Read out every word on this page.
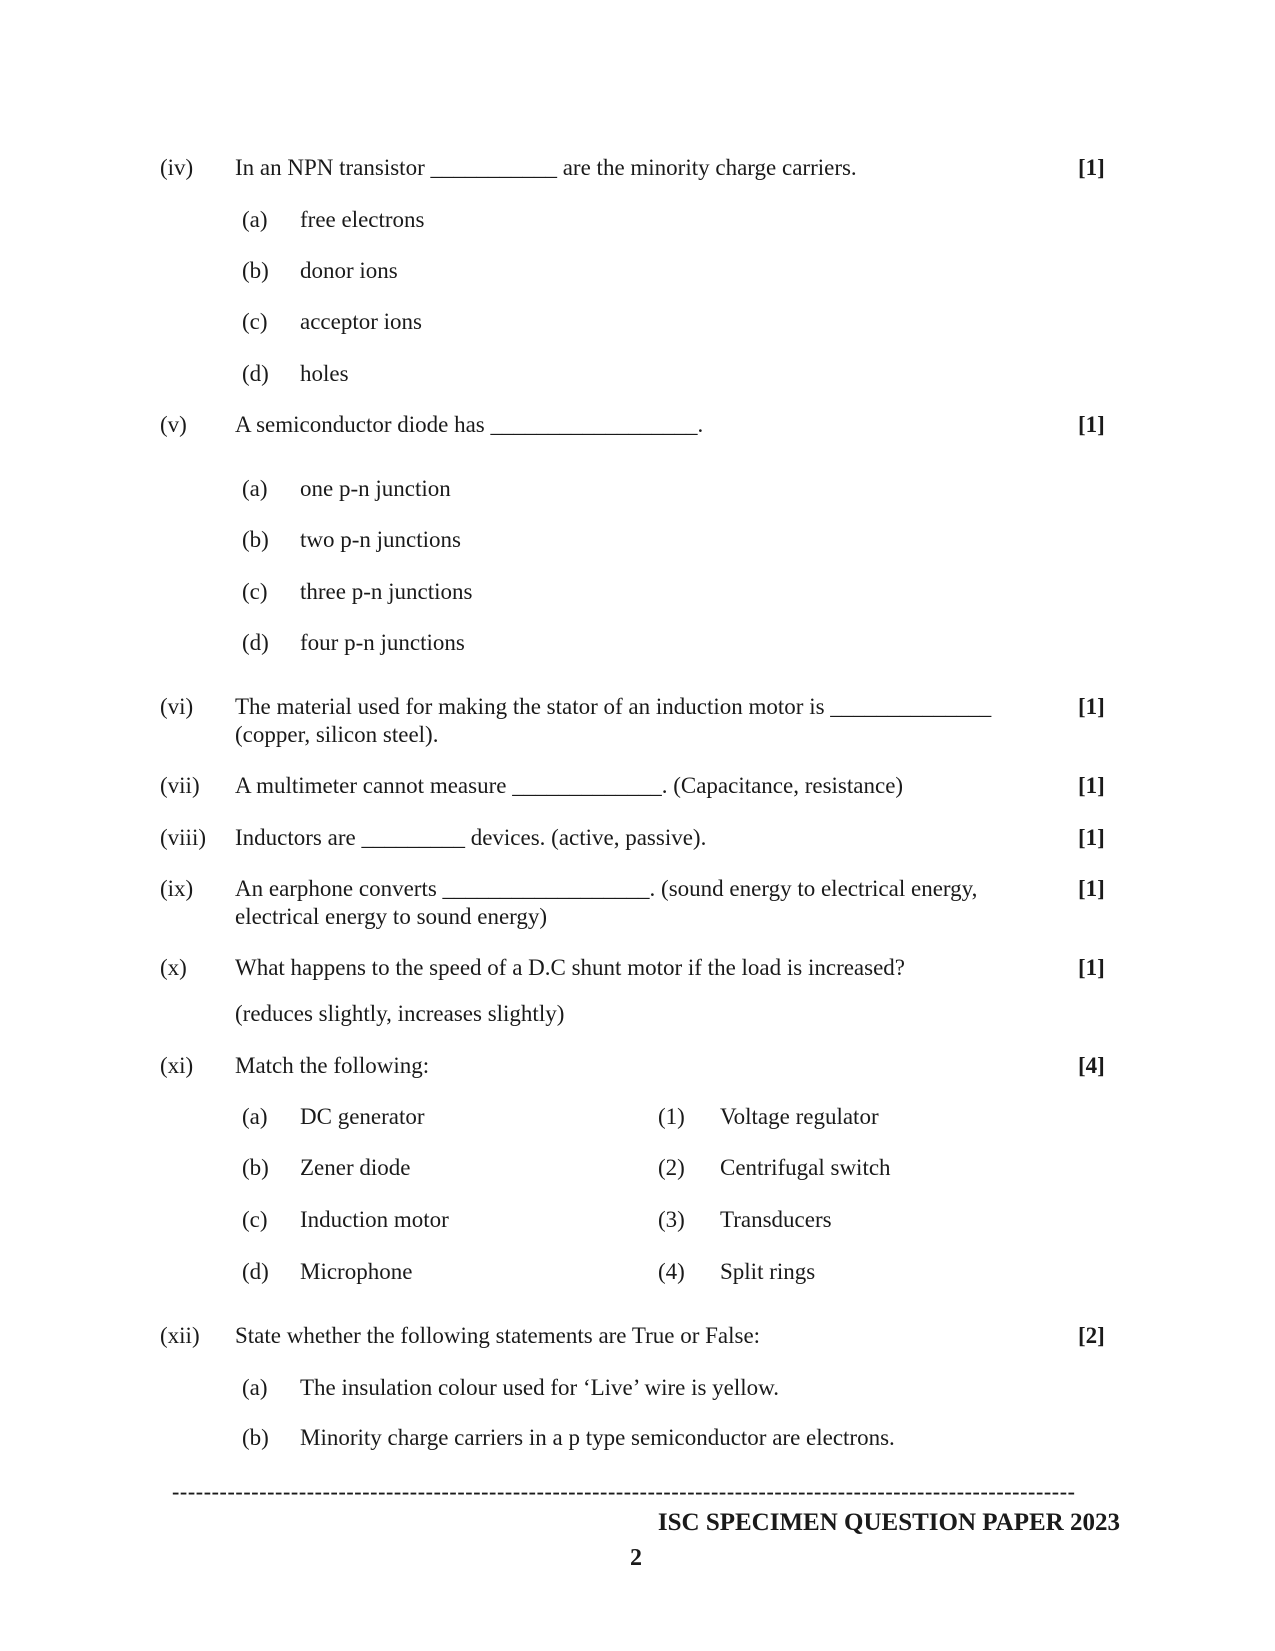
(iv) In an NPN transistor ___________ are the minority charge carriers.	[1]
(a) free electrons
(b) donor ions
(c) acceptor ions
(d) holes
(v) A semiconductor diode has __________________.	[1]
(a) one p-n junction
(b) two p-n junctions
(c) three p-n junctions
(d) four p-n junctions
(vi) The material used for making the stator of an induction motor is ______________ (copper, silicon steel).
[1]
(vii) A multimeter cannot measure _____________. (Capacitance, resistance)	[1]
(viii) Inductors are _________ devices. (active, passive).	[1]
(ix) An earphone converts __________________. (sound energy to electrical energy, electrical energy to sound energy)
[1]
(x) What happens to the speed of a D.C shunt motor if the load is increased?	[1]
(reduces slightly, increases slightly)
(xi) Match the following:	[4]
(a) DC generator	(1) Voltage regulator
(b) Zener diode	(2) Centrifugal switch
(c) Induction motor	(3) Transducers
(d) Microphone	(4) Split rings
(xii) State whether the following statements are True or False:	[2]
(a) The insulation colour used for ‘Live’ wire is yellow.
(b) Minority charge carriers in a p type semiconductor are electrons.
------------------------------------------------------------------------------------------------------------------
ISC SPECIMEN QUESTION PAPER 2023
2
